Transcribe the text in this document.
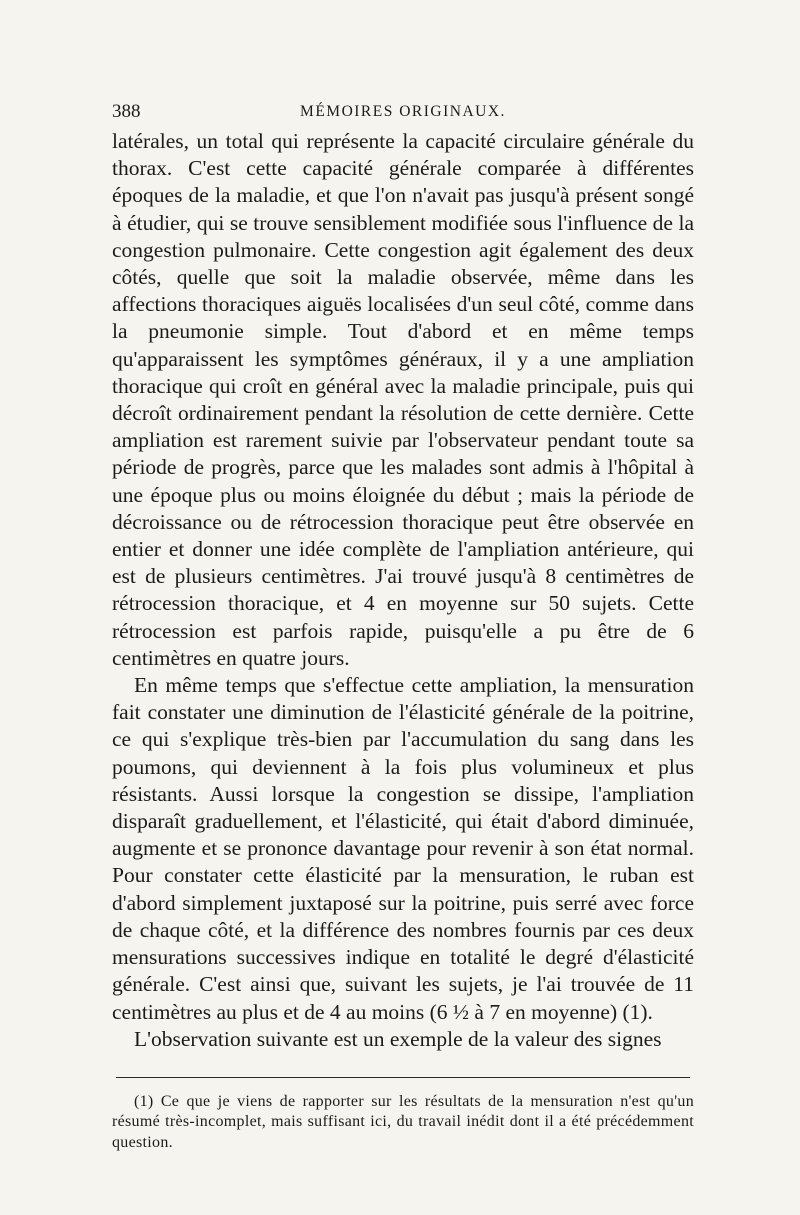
388	MÉMOIRES ORIGINAUX.

latérales, un total qui représente la capacité circulaire générale du thorax. C'est cette capacité générale comparée à différentes époques de la maladie, et que l'on n'avait pas jusqu'à présent songé à étudier, qui se trouve sensiblement modifiée sous l'influence de la congestion pulmonaire. Cette congestion agit également des deux côtés, quelle que soit la maladie observée, même dans les affections thoraciques aiguës localisées d'un seul côté, comme dans la pneumonie simple. Tout d'abord et en même temps qu'apparaissent les symptômes généraux, il y a une ampliation thoracique qui croît en général avec la maladie principale, puis qui décroît ordinairement pendant la résolution de cette dernière. Cette ampliation est rarement suivie par l'observateur pendant toute sa période de progrès, parce que les malades sont admis à l'hôpital à une époque plus ou moins éloignée du début ; mais la période de décroissance ou de rétrocession thoracique peut être observée en entier et donner une idée complète de l'ampliation antérieure, qui est de plusieurs centimètres. J'ai trouvé jusqu'à 8 centimètres de rétrocession thoracique, et 4 en moyenne sur 50 sujets. Cette rétrocession est parfois rapide, puisqu'elle a pu être de 6 centimètres en quatre jours.

En même temps que s'effectue cette ampliation, la mensuration fait constater une diminution de l'élasticité générale de la poitrine, ce qui s'explique très-bien par l'accumulation du sang dans les poumons, qui deviennent à la fois plus volumineux et plus résistants. Aussi lorsque la congestion se dissipe, l'ampliation disparaît graduellement, et l'élasticité, qui était d'abord diminuée, augmente et se prononce davantage pour revenir à son état normal. Pour constater cette élasticité par la mensuration, le ruban est d'abord simplement juxtaposé sur la poitrine, puis serré avec force de chaque côté, et la différence des nombres fournis par ces deux mensurations successives indique en totalité le degré d'élasticité générale. C'est ainsi que, suivant les sujets, je l'ai trouvée de 11 centimètres au plus et de 4 au moins (6 ½ à 7 en moyenne) (1).

L'observation suivante est un exemple de la valeur des signes

(1) Ce que je viens de rapporter sur les résultats de la mensuration n'est qu'un résumé très-incomplet, mais suffisant ici, du travail inédit dont il a été précédemment question.
